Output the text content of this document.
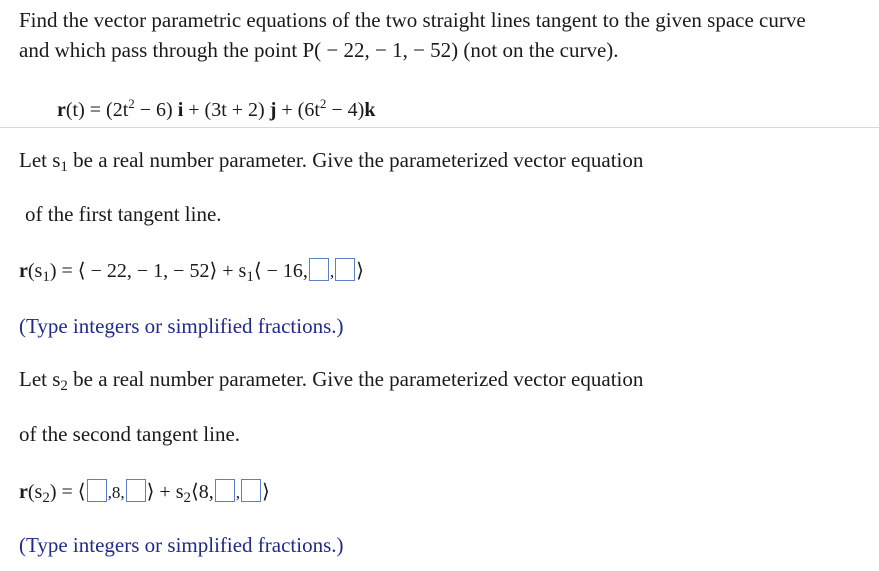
Find the vector parametric equations of the two straight lines tangent to the given space curve
and which pass through the point P( − 22, − 1, − 52) (not on the curve).
$r(t) = (2t^2 - 6) i + (3t + 2) j + (6t^2 - 4)k$
Let $s_1$ be a real number parameter. Give the parameterized vector equation
of the first tangent line.
$r(s_1)$ = ⟨ − 22, − 1, − 52⟩ + $s_1⟨ - 16$, , ⟩
(Type integers or simplified fractions.)
Let $s_2$ be a real number parameter. Give the parameterized vector equation
of the second tangent line.
$r(s_2)$ = ⟨ ,8, ⟩ + $s_2⟨8$, , ⟩
(Type integers or simplified fractions.)
